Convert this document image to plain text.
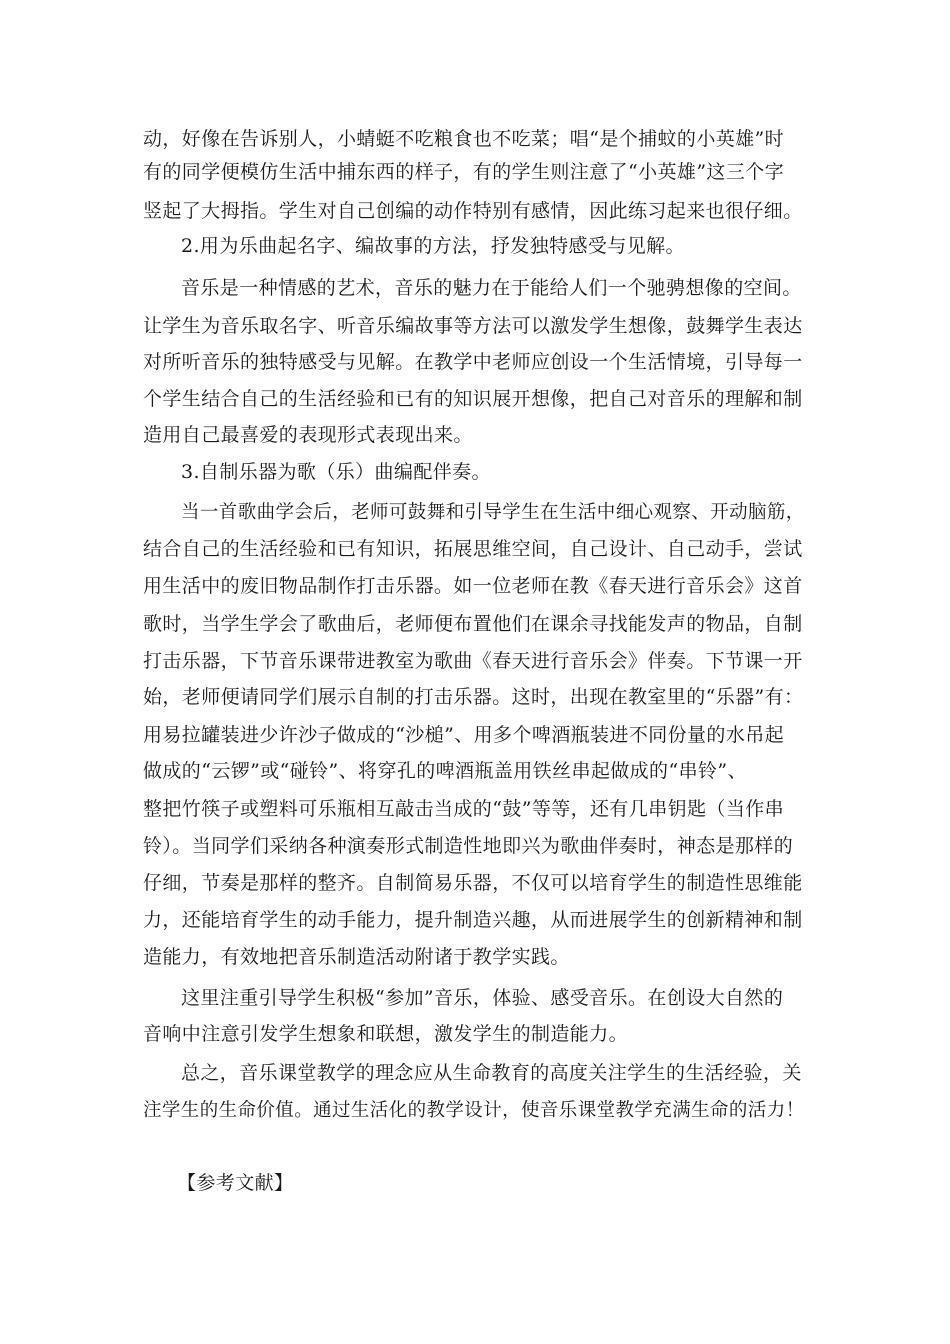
动，好像在告诉别人，小蜻蜓不吃粮食也不吃菜；唱“是个捕蚊的小英雄”时
有的同学便模仿生活中捕东西的样子，有的学生则注意了“小英雄”这三个字
竖起了大拇指。学生对自己创编的动作特别有感情，因此练习起来也很仔细。
2.用为乐曲起名字、编故事的方法，抒发独特感受与见解。
音乐是一种情感的艺术，音乐的魅力在于能给人们一个驰骋想像的空间。
让学生为音乐取名字、听音乐编故事等方法可以激发学生想像，鼓舞学生表达
对所听音乐的独特感受与见解。在教学中老师应创设一个生活情境，引导每一
个学生结合自己的生活经验和已有的知识展开想像，把自己对音乐的理解和制
造用自己最喜爱的表现形式表现出来。
3.自制乐器为歌（乐）曲编配伴奏。
当一首歌曲学会后，老师可鼓舞和引导学生在生活中细心观察、开动脑筋，
结合自己的生活经验和已有知识，拓展思维空间，自己设计、自己动手，尝试
用生活中的废旧物品制作打击乐器。如一位老师在教《春天进行音乐会》这首
歌时，当学生学会了歌曲后，老师便布置他们在课余寻找能发声的物品，自制
打击乐器，下节音乐课带进教室为歌曲《春天进行音乐会》伴奏。下节课一开
始，老师便请同学们展示自制的打击乐器。这时，出现在教室里的“乐器”有：
用易拉罐装进少许沙子做成的“沙槌”、用多个啤酒瓶装进不同份量的水吊起
做成的“云锣”或“碰铃”、将穿孔的啤酒瓶盖用铁丝串起做成的“串铃”、
整把竹筷子或塑料可乐瓶相互敲击当成的“鼓”等等，还有几串钥匙（当作串
铃）。当同学们采纳各种演奏形式制造性地即兴为歌曲伴奏时，神态是那样的
仔细，节奏是那样的整齐。自制简易乐器，不仅可以培育学生的制造性思维能
力，还能培育学生的动手能力，提升制造兴趣，从而进展学生的创新精神和制
造能力，有效地把音乐制造活动附诸于教学实践。
这里注重引导学生积极“参加”音乐，体验、感受音乐。在创设大自然的
音响中注意引发学生想象和联想，激发学生的制造能力。
总之，音乐课堂教学的理念应从生命教育的高度关注学生的生活经验，关
注学生的生命价值。通过生活化的教学设计，使音乐课堂教学充满生命的活力！
【参考文献】
